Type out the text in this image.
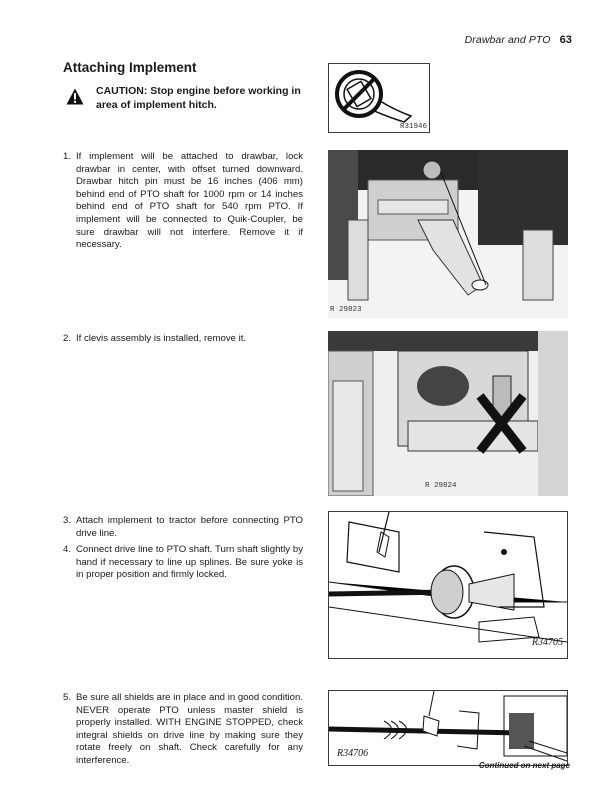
Drawbar and PTO 63
Attaching Implement
CAUTION: Stop engine before working in area of implement hitch.
1. If implement will be attached to drawbar, lock drawbar in center, with offset turned downward. Drawbar hitch pin must be 16 inches (406 mm) behind end of PTO shaft for 1000 rpm or 14 inches behind end of PTO shaft for 540 rpm PTO. If implement will be connected to Quik-Coupler, be sure drawbar will not interfere. Remove it if necessary.
2. If clevis assembly is installed, remove it.
3. Attach implement to tractor before connecting PTO drive line.
4. Connect drive line to PTO shaft. Turn shaft slightly by hand if necessary to line up splines. Be sure yoke is in proper position and firmly locked.
5. Be sure all shields are in place and in good condition. NEVER operate PTO unless master shield is properly installed. WITH ENGINE STOPPED, check integral shields on drive line by making sure they rotate freely on shaft. Check carefully for any interference.
R31946
R 29823
R 29824
R34705
R34706
Continued on next page
